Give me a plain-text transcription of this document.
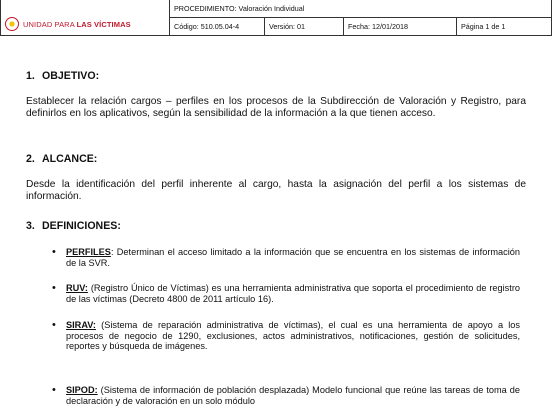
UNIDAD PARA LAS VÍCTIMAS				

	PROCEDIMIENTO: Valoración Individual			
	Código: 510.05.04-4	Versión: 01	Fecha: 12/01/2018	Página 1 de 1
1. OBJETIVO:
Establecer la relación cargos – perfiles en los procesos de la Subdirección de Valoración y Registro, para definirlos en los aplicativos, según la sensibilidad de la información a la que tienen acceso.
2. ALCANCE:
Desde la identificación del perfil inherente al cargo, hasta la asignación del perfil a los sistemas de información.
3. DEFINICIONES:
• PERFILES: Determinan el acceso limitado a la información que se encuentra en los sistemas de información de la SVR.
• RUV: (Registro Único de Víctimas) es una herramienta administrativa que soporta el procedimiento de registro de las víctimas (Decreto 4800 de 2011 artículo 16).
• SIRAV: (Sistema de reparación administrativa de víctimas), el cual es una herramienta de apoyo a los procesos de negocio de 1290, exclusiones, actos administrativos, notificaciones, gestión de solicitudes, reportes y búsqueda de imágenes.
• SIPOD: (Sistema de información de población desplazada) Modelo funcional que reúne las tareas de toma de declaración y de valoración en un solo módulo
